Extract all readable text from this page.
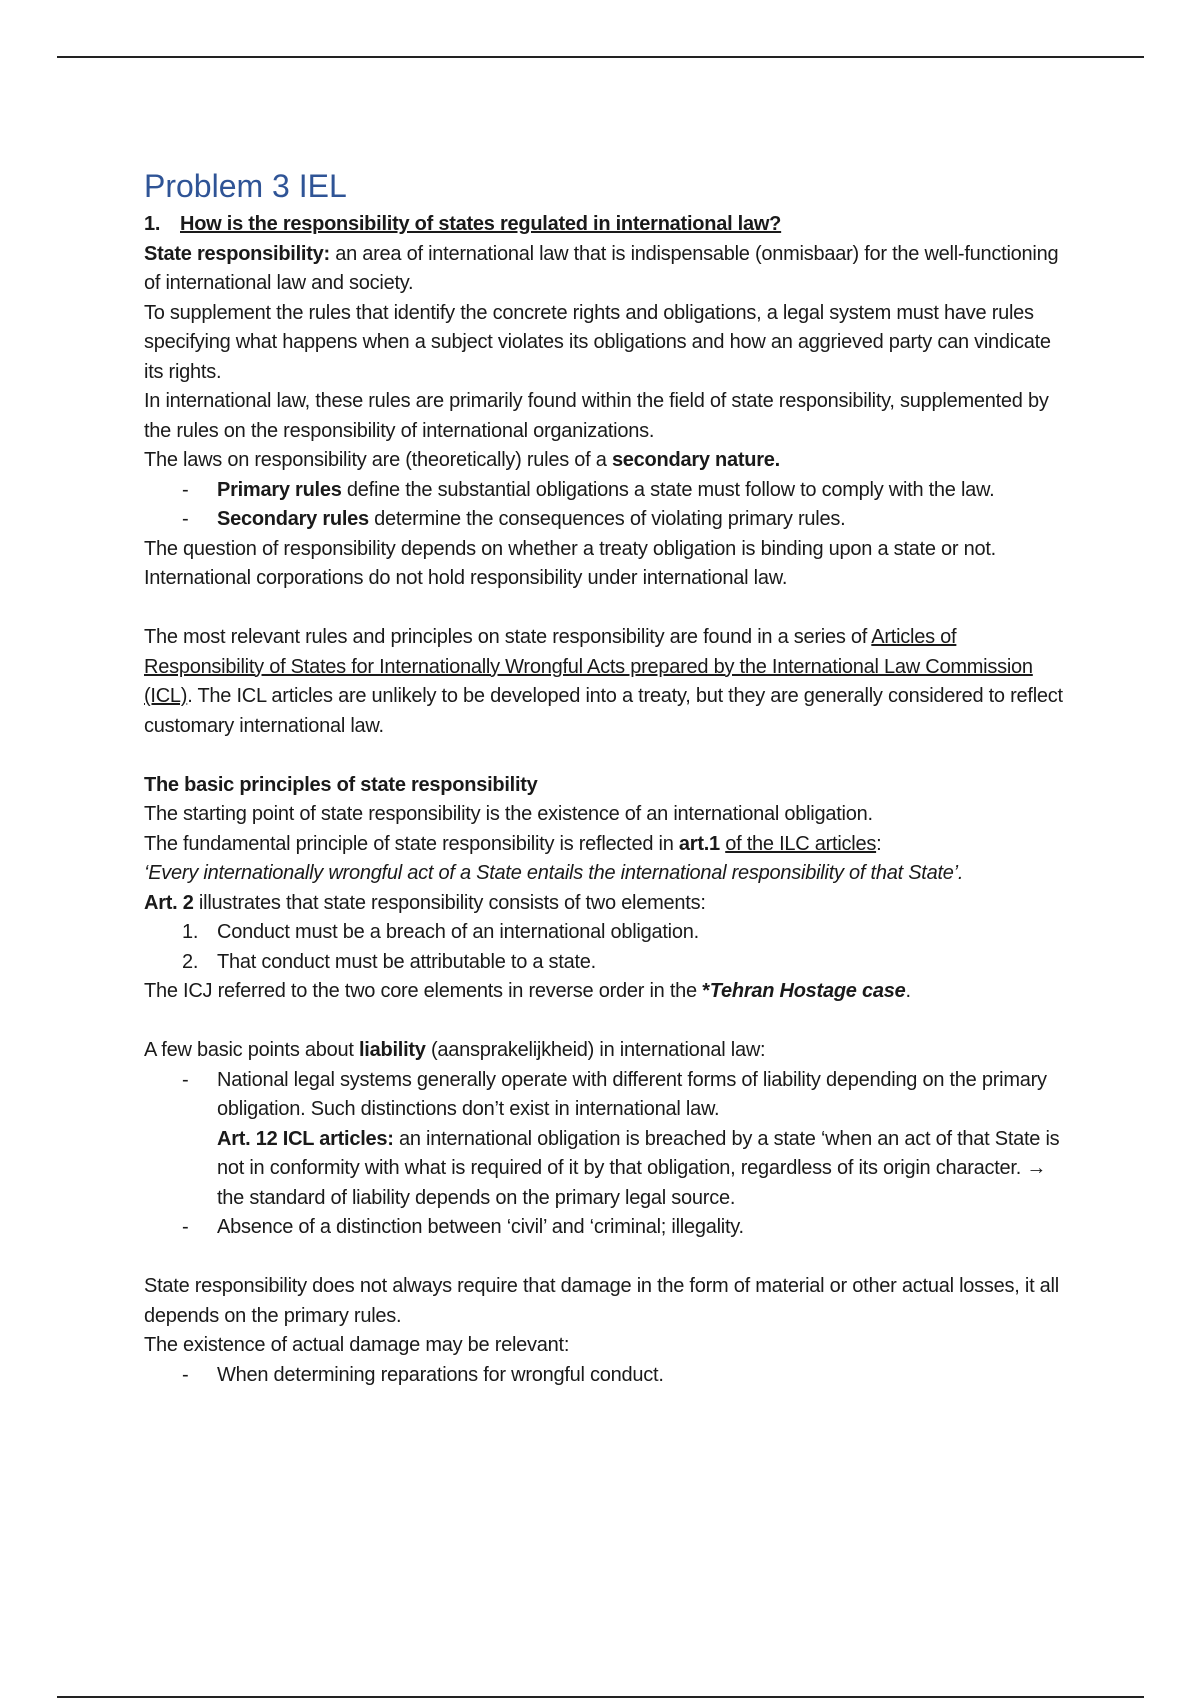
Problem 3 IEL
1. How is the responsibility of states regulated in international law?

State responsibility: an area of international law that is indispensable (onmisbaar) for the well-functioning of international law and society.

To supplement the rules that identify the concrete rights and obligations, a legal system must have rules specifying what happens when a subject violates its obligations and how an aggrieved party can vindicate its rights.

In international law, these rules are primarily found within the field of state responsibility, supplemented by the rules on the responsibility of international organizations.

The laws on responsibility are (theoretically) rules of a secondary nature.

- Primary rules define the substantial obligations a state must follow to comply with the law.
- Secondary rules determine the consequences of violating primary rules.

The question of responsibility depends on whether a treaty obligation is binding upon a state or not.

International corporations do not hold responsibility under international law.

The most relevant rules and principles on state responsibility are found in a series of Articles of Responsibility of States for Internationally Wrongful Acts prepared by the International Law Commission (ICL). The ICL articles are unlikely to be developed into a treaty, but they are generally considered to reflect customary international law.

The basic principles of state responsibility

The starting point of state responsibility is the existence of an international obligation.

The fundamental principle of state responsibility is reflected in art.1 of the ILC articles:

‘Every internationally wrongful act of a State entails the international responsibility of that State’.

Art. 2 illustrates that state responsibility consists of two elements:

1. Conduct must be a breach of an international obligation.
2. That conduct must be attributable to a state.

The ICJ referred to the two core elements in reverse order in the *Tehran Hostage case.

A few basic points about liability (aansprakelijkheid) in international law:

- National legal systems generally operate with different forms of liability depending on the primary obligation. Such distinctions don’t exist in international law.

Art. 12 ICL articles: an international obligation is breached by a state ‘when an act of that State is not in conformity with what is required of it by that obligation, regardless of its origin character. → the standard of liability depends on the primary legal source.

- Absence of a distinction between ‘civil’ and ‘criminal; illegality.

State responsibility does not always require that damage in the form of material or other actual losses, it all depends on the primary rules.

The existence of actual damage may be relevant:

- When determining reparations for wrongful conduct.
